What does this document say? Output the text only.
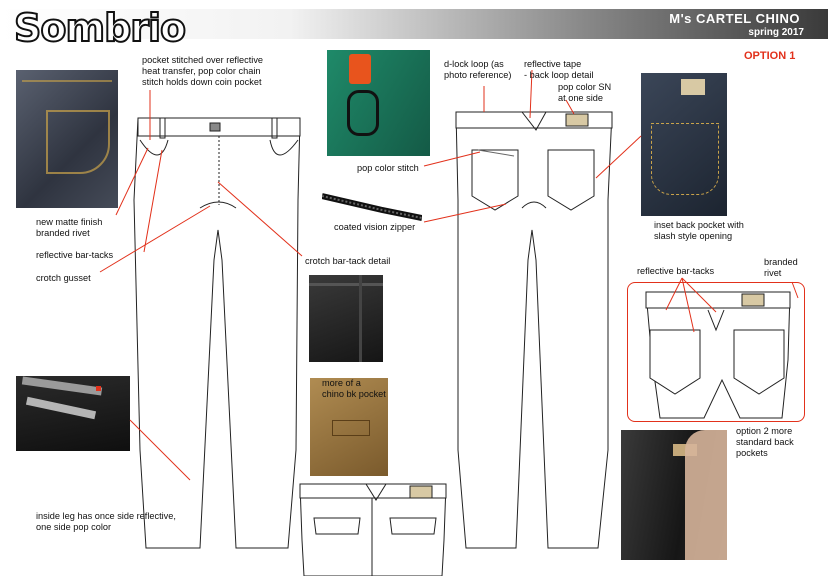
Sombrio	M's CARTEL CHINO
spring 2017
OPTION 1
pocket stitched over reflective
heat transfer, pop color chain
stitch holds down coin pocket
new matte finish
branded rivet
reflective bar-tacks
crotch gusset
crotch bar-tack detail
pop color stitch
coated vision zipper
d-lock loop (as
photo reference)
reflective tape
- back loop detail
pop color SN
at one side
inset back pocket with
slash style opening
reflective bar-tacks
branded
rivet
option 2 more
standard back
pockets
more of a
chino bk pocket
inside leg has once side reflective,
one side pop color
